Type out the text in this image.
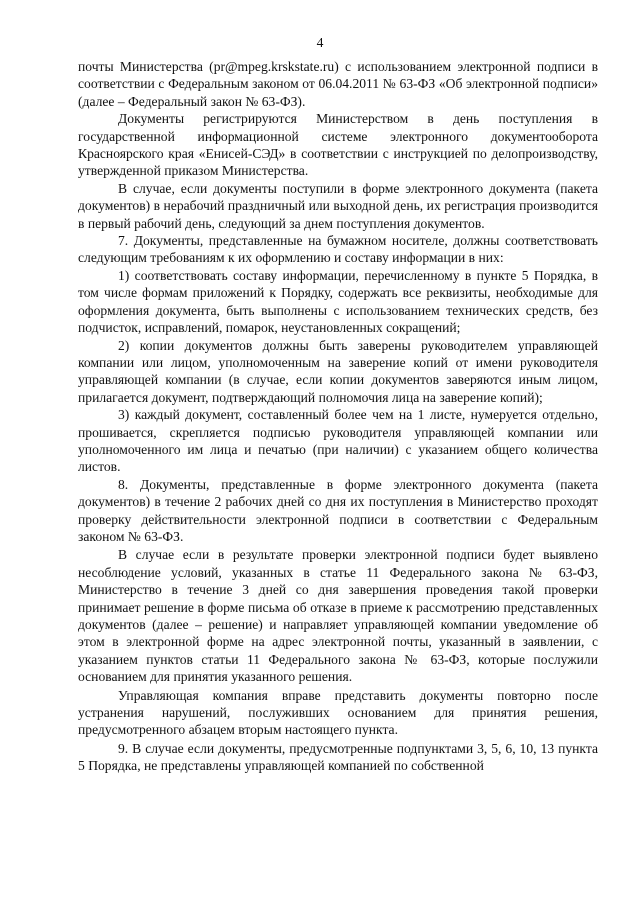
4

почты Министерства (pr@mpeg.krskstate.ru) с использованием электронной подписи в соответствии с Федеральным законом от 06.04.2011 № 63-ФЗ «Об электронной подписи» (далее – Федеральный закон № 63-ФЗ).

Документы регистрируются Министерством в день поступления в государственной информационной системе электронного документооборота Красноярского края «Енисей-СЭД» в соответствии с инструкцией по делопроизводству, утвержденной приказом Министерства.

В случае, если документы поступили в форме электронного документа (пакета документов) в нерабочий праздничный или выходной день, их регистрация производится в первый рабочий день, следующий за днем поступления документов.

7. Документы, представленные на бумажном носителе, должны соответствовать следующим требованиям к их оформлению и составу информации в них:

1) соответствовать составу информации, перечисленному в пункте 5 Порядка, в том числе формам приложений к Порядку, содержать все реквизиты, необходимые для оформления документа, быть выполнены с использованием технических средств, без подчисток, исправлений, помарок, неустановленных сокращений;

2) копии документов должны быть заверены руководителем управляющей компании или лицом, уполномоченным на заверение копий от имени руководителя управляющей компании (в случае, если копии документов заверяются иным лицом, прилагается документ, подтверждающий полномочия лица на заверение копий);

3) каждый документ, составленный более чем на 1 листе, нумеруется отдельно, прошивается, скрепляется подписью руководителя управляющей компании или уполномоченного им лица и печатью (при наличии) с указанием общего количества листов.

8. Документы, представленные в форме электронного документа (пакета документов) в течение 2 рабочих дней со дня их поступления в Министерство проходят проверку действительности электронной подписи в соответствии с Федеральным законом № 63-ФЗ.

В случае если в результате проверки электронной подписи будет выявлено несоблюдение условий, указанных в статье 11 Федерального закона № 63-ФЗ, Министерство в течение 3 дней со дня завершения проведения такой проверки принимает решение в форме письма об отказе в приеме к рассмотрению представленных документов (далее – решение) и направляет управляющей компании уведомление об этом в электронной форме на адрес электронной почты, указанный в заявлении, с указанием пунктов статьи 11 Федерального закона № 63-ФЗ, которые послужили основанием для принятия указанного решения.

Управляющая компания вправе представить документы повторно после устранения нарушений, послуживших основанием для принятия решения, предусмотренного абзацем вторым настоящего пункта.

9. В случае если документы, предусмотренные подпунктами 3, 5, 6, 10, 13 пункта 5 Порядка, не представлены управляющей компанией по собственной
